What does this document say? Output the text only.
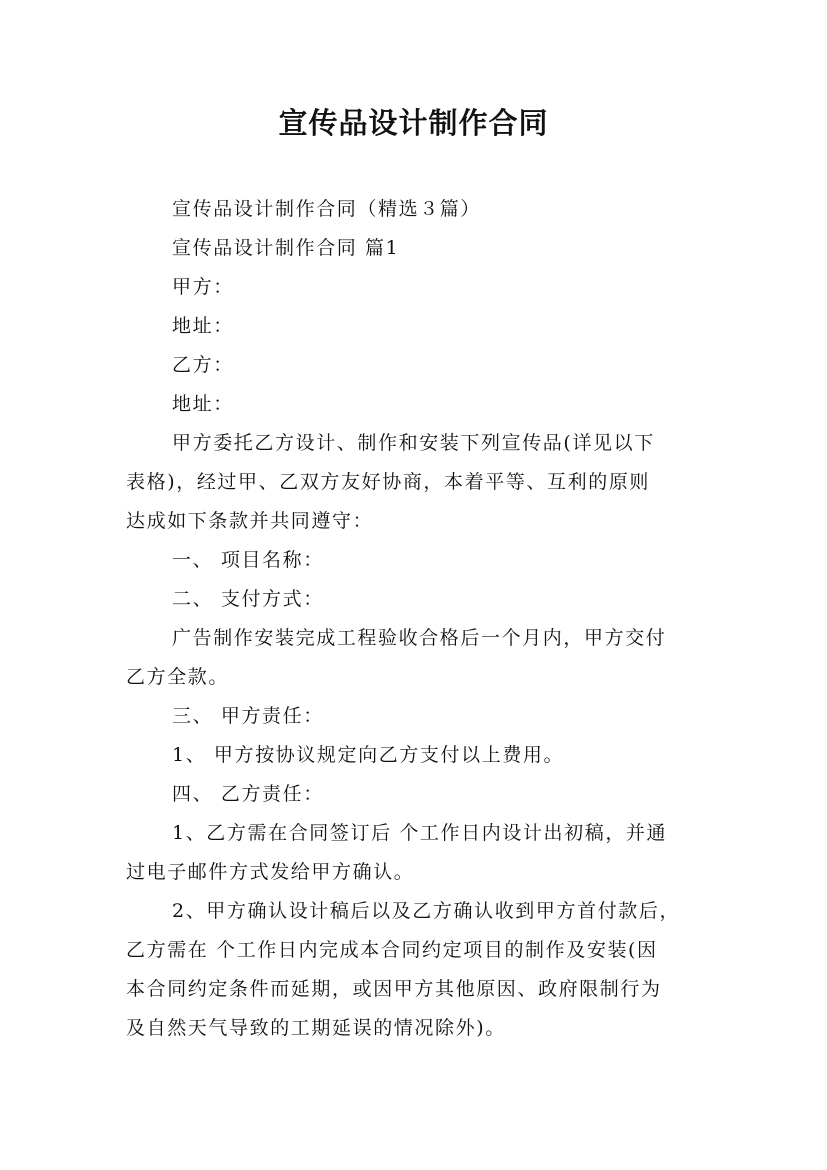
宣传品设计制作合同
宣传品设计制作合同（精选３篇）
宣传品设计制作合同 篇1
甲方：
地址：
乙方：
地址：
甲方委托乙方设计、制作和安装下列宣传品(详见以下
表格)，经过甲、乙双方友好协商，本着平等、互利的原则
达成如下条款并共同遵守：
一、 项目名称：
二、 支付方式：
广告制作安装完成工程验收合格后一个月内，甲方交付
乙方全款。
三、 甲方责任：
1、 甲方按协议规定向乙方支付以上费用。
四、 乙方责任：
1、乙方需在合同签订后 个工作日内设计出初稿，并通
过电子邮件方式发给甲方确认。
2、甲方确认设计稿后以及乙方确认收到甲方首付款后，
乙方需在 个工作日内完成本合同约定项目的制作及安装(因
本合同约定条件而延期，或因甲方其他原因、政府限制行为
及自然天气导致的工期延误的情况除外)。
